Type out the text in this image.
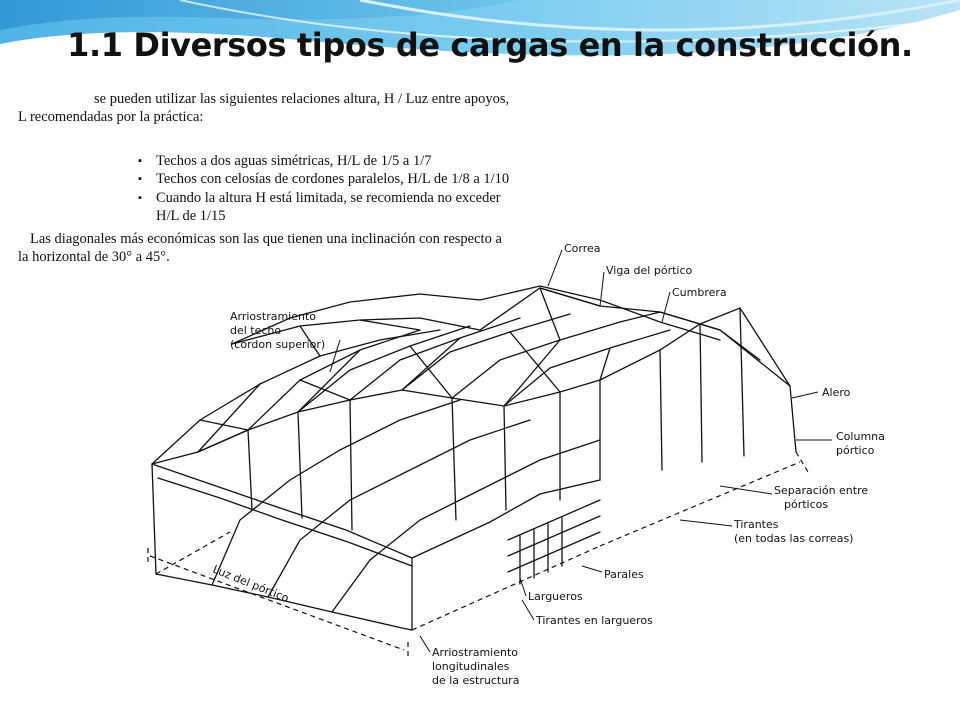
1.1 Diversos tipos de cargas en la construcción.
Correa
Viga del pórtico
Cumbrera
Alero
Columna
pórtico
Separación entre
pórticos
Tirantes
(en todas las correas)
Parales
Largueros
Tirantes en largueros
Arriostramiento
longitudinales
de la estructura
Luz del pórtico
Arriostramiento
del techo
(cordon superior)

se pueden utilizar las siguientes relaciones altura, H / Luz entre apoyos, L recomendadas por la práctica:

▪ Techos a dos aguas simétricas, H/L de 1/5 a 1/7
▪ Techos con celosías de cordones paralelos, H/L de 1/8 a 1/10
▪ Cuando la altura H está limitada, se recomienda no exceder H/L de 1/15

Las diagonales más económicas son las que tienen una inclinación con respecto a la horizontal de 30° a 45°.
